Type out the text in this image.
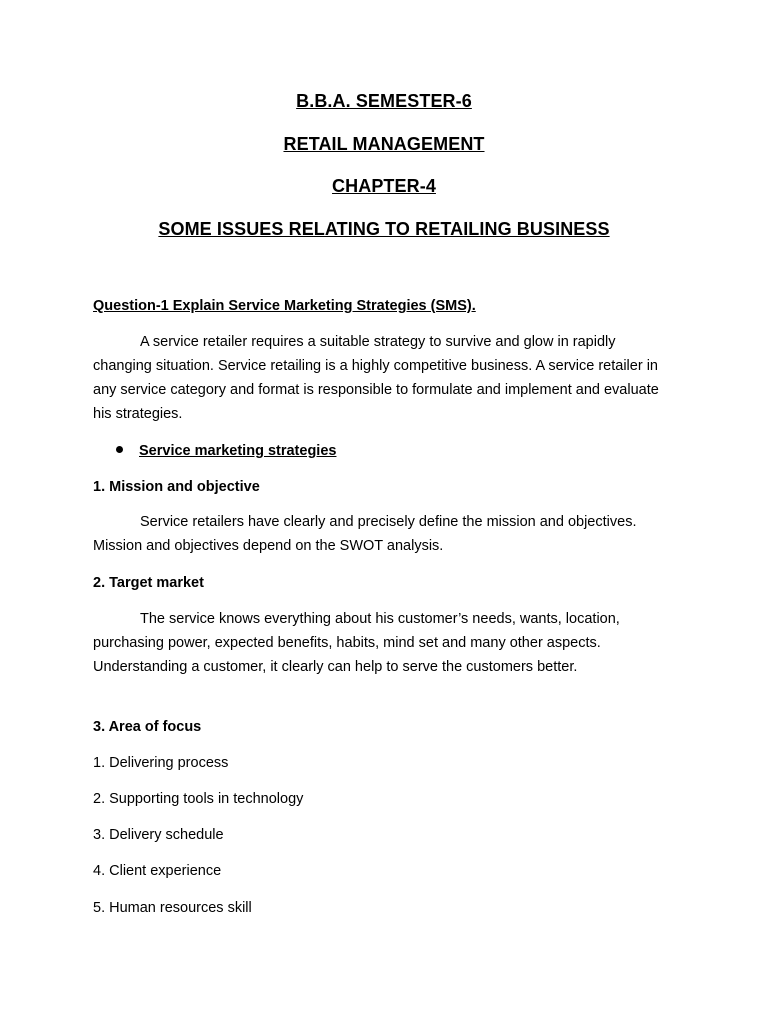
B.B.A. SEMESTER-6
RETAIL MANAGEMENT
CHAPTER-4
SOME ISSUES RELATING TO RETAILING BUSINESS
Question-1 Explain Service Marketing Strategies (SMS).
A service retailer requires a suitable strategy to survive and glow in rapidly changing situation. Service retailing is a highly competitive business. A service retailer in any service category and format is responsible to formulate and implement and evaluate his strategies.
Service marketing strategies
1. Mission and objective
Service retailers have clearly and precisely define the mission and objectives. Mission and objectives depend on the SWOT analysis.
2. Target market
The service knows everything about his customer’s needs, wants, location, purchasing power, expected benefits, habits, mind set and many other aspects. Understanding a customer, it clearly can help to serve the customers better.
3. Area of focus
1. Delivering process
2. Supporting tools in technology
3. Delivery schedule
4. Client experience
5. Human resources skill
